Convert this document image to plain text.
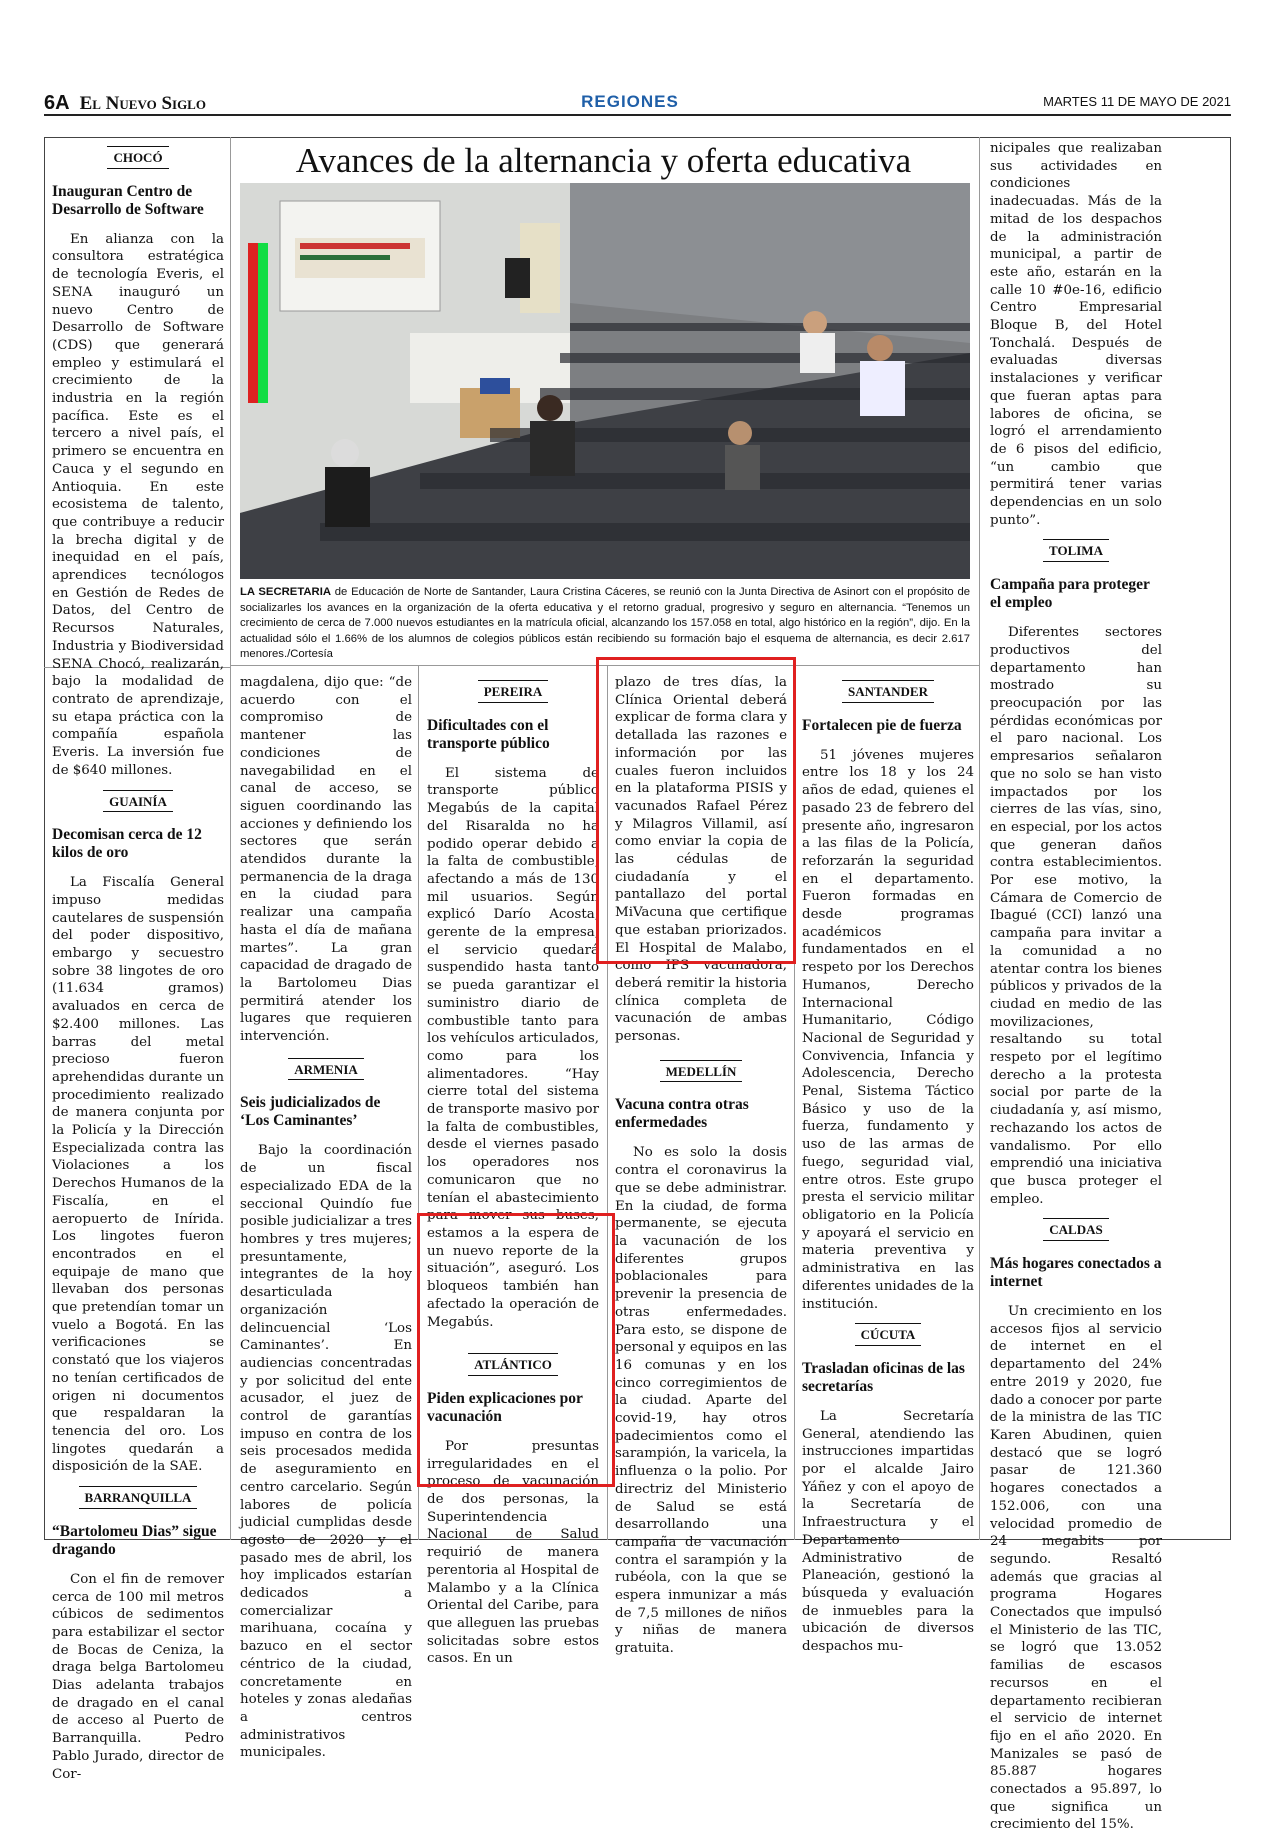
6A El Nuevo Siglo	REGIONES	MARTES 11 DE MAYO DE 2021
CHOCÓ
Inauguran Centro de Desarrollo de Software

En alianza con la consultora estratégica de tecnología Everis, el SENA inauguró un nuevo Centro de Desarrollo de Software (CDS) que generará empleo y estimulará el crecimiento de la industria en la región pacífica. Este es el tercero a nivel país, el primero se encuentra en Cauca y el segundo en Antioquia. En este ecosistema de talento, que contribuye a reducir la brecha digital y de inequidad en el país, aprendices tecnólogos en Gestión de Redes de Datos, del Centro de Recursos Naturales, Industria y Biodiversidad SENA Chocó, realizarán, bajo la modalidad de contrato de aprendizaje, su etapa práctica con la compañía española Everis. La inversión fue de $640 millones.

GUAINÍA
Decomisan cerca de 12 kilos de oro

La Fiscalía General impuso medidas cautelares de suspensión del poder dispositivo, embargo y secuestro sobre 38 lingotes de oro (11.634 gramos) avaluados en cerca de $2.400 millones. Las barras del metal precioso fueron aprehendidas durante un procedimiento realizado de manera conjunta por la Policía y la Dirección Especializada contra las Violaciones a los Derechos Humanos de la Fiscalía, en el aeropuerto de Inírida. Los lingotes fueron encontrados en el equipaje de mano que llevaban dos personas que pretendían tomar un vuelo a Bogotá. En las verificaciones se constató que los viajeros no tenían certificados de origen ni documentos que respaldaran la tenencia del oro. Los lingotes quedarán a disposición de la SAE.

BARRANQUILLA
“Bartolomeu Dias” sigue dragando

Con el fin de remover cerca de 100 mil metros cúbicos de sedimentos para estabilizar el sector de Bocas de Ceniza, la draga belga Bartolomeu Dias adelanta trabajos de dragado en el canal de acceso al Puerto de Barranquilla. Pedro Pablo Jurado, director de Cor-

Avances de la alternancia y oferta educativa
LA SECRETARIA de Educación de Norte de Santander, Laura Cristina Cáceres, se reunió con la Junta Directiva de Asinort con el propósito de socializarles los avances en la organización de la oferta educativa y el retorno gradual, progresivo y seguro en alternancia. “Tenemos un crecimiento de cerca de 7.000 nuevos estudiantes en la matrícula oficial, alcanzando los 157.058 en total, algo histórico en la región”, dijo. En la actualidad sólo el 1.66% de los alumnos de colegios públicos están recibiendo su formación bajo el esquema de alternancia, es decir 2.617 menores./Cortesía

magdalena, dijo que: “de acuerdo con el compromiso de mantener las condiciones de navegabilidad en el canal de acceso, se siguen coordinando las acciones y definiendo los sectores que serán atendidos durante la permanencia de la draga en la ciudad para realizar una campaña hasta el día de mañana martes”. La gran capacidad de dragado de la Bartolomeu Dias permitirá atender los lugares que requieren intervención.

ARMENIA
Seis judicializados de ‘Los Caminantes’

Bajo la coordinación de un fiscal especializado EDA de la seccional Quindío fue posible judicializar a tres hombres y tres mujeres; presuntamente, integrantes de la hoy desarticulada organización delincuencial ‘Los Caminantes’. En audiencias concentradas y por solicitud del ente acusador, el juez de control de garantías impuso en contra de los seis procesados medida de aseguramiento en centro carcelario. Según labores de policía judicial cumplidas desde agosto de 2020 y el pasado mes de abril, los hoy implicados estarían dedicados a comercializar marihuana, cocaína y bazuco en el sector céntrico de la ciudad, concretamente en hoteles y zonas aledañas a centros administrativos municipales.

PEREIRA
Dificultades con el transporte público

El sistema de transporte público Megabús de la capital del Risaralda no ha podido operar debido a la falta de combustible, afectando a más de 130 mil usuarios. Según explicó Darío Acosta, gerente de la empresa, el servicio quedará suspendido hasta tanto se pueda garantizar el suministro diario de combustible tanto para los vehículos articulados, como para los alimentadores. “Hay cierre total del sistema de transporte masivo por la falta de combustibles, desde el viernes pasado los operadores nos comunicaron que no tenían el abastecimiento para mover sus buses, estamos a la espera de un nuevo reporte de la situación”, aseguró. Los bloqueos también han afectado la operación de Megabús.

ATLÁNTICO
Piden explicaciones por vacunación

Por presuntas irregularidades en el proceso de vacunación de dos personas, la Superintendencia Nacional de Salud requirió de manera perentoria al Hospital de Malambo y a la Clínica Oriental del Caribe, para que alleguen las pruebas solicitadas sobre estos casos. En un

plazo de tres días, la Clínica Oriental deberá explicar de forma clara y detallada las razones e información por las cuales fueron incluidos en la plataforma PISIS y vacunados Rafael Pérez y Milagros Villamil, así como enviar la copia de las cédulas de ciudadanía y el pantallazo del portal MiVacuna que certifique que estaban priorizados. El Hospital de Malabo, como IPS vacunadora, deberá remitir la historia clínica completa de vacunación de ambas personas.

MEDELLÍN
Vacuna contra otras enfermedades

No es solo la dosis contra el coronavirus la que se debe administrar. En la ciudad, de forma permanente, se ejecuta la vacunación de los diferentes grupos poblacionales para prevenir la presencia de otras enfermedades. Para esto, se dispone de personal y equipos en las 16 comunas y en los cinco corregimientos de la ciudad. Aparte del covid-19, hay otros padecimientos como el sarampión, la varicela, la influenza o la polio. Por directriz del Ministerio de Salud se está desarrollando una campaña de vacunación contra el sarampión y la rubéola, con la que se espera inmunizar a más de 7,5 millones de niños y niñas de manera gratuita.

SANTANDER
Fortalecen pie de fuerza

51 jóvenes mujeres entre los 18 y los 24 años de edad, quienes el pasado 23 de febrero del presente año, ingresaron a las filas de la Policía, reforzarán la seguridad en el departamento. Fueron formadas en desde programas académicos fundamentados en el respeto por los Derechos Humanos, Derecho Internacional Humanitario, Código Nacional de Seguridad y Convivencia, Infancia y Adolescencia, Derecho Penal, Sistema Táctico Básico y uso de la fuerza, fundamento y uso de las armas de fuego, seguridad vial, entre otros. Este grupo presta el servicio militar obligatorio en la Policía y apoyará el servicio en materia preventiva y administrativa en las diferentes unidades de la institución.

CÚCUTA
Trasladan oficinas de las secretarías

La Secretaría General, atendiendo las instrucciones impartidas por el alcalde Jairo Yáñez y con el apoyo de la Secretaría de Infraestructura y el Departamento Administrativo de Planeación, gestionó la búsqueda y evaluación de inmuebles para la ubicación de diversos despachos mu-

nicipales que realizaban sus actividades en condiciones inadecuadas. Más de la mitad de los despachos de la administración municipal, a partir de este año, estarán en la calle 10 #0e-16, edificio Centro Empresarial Bloque B, del Hotel Tonchalá. Después de evaluadas diversas instalaciones y verificar que fueran aptas para labores de oficina, se logró el arrendamiento de 6 pisos del edificio, “un cambio que permitirá tener varias dependencias en un solo punto”.

TOLIMA
Campaña para proteger el empleo

Diferentes sectores productivos del departamento han mostrado su preocupación por las pérdidas económicas por el paro nacional. Los empresarios señalaron que no solo se han visto impactados por los cierres de las vías, sino, en especial, por los actos que generan daños contra establecimientos. Por ese motivo, la Cámara de Comercio de Ibagué (CCI) lanzó una campaña para invitar a la comunidad a no atentar contra los bienes públicos y privados de la ciudad en medio de las movilizaciones, resaltando su total respeto por el legítimo derecho a la protesta social por parte de la ciudadanía y, así mismo, rechazando los actos de vandalismo. Por ello emprendió una iniciativa que busca proteger el empleo.

CALDAS
Más hogares conectados a internet

Un crecimiento en los accesos fijos al servicio de internet en el departamento del 24% entre 2019 y 2020, fue dado a conocer por parte de la ministra de las TIC Karen Abudinen, quien destacó que se logró pasar de 121.360 hogares conectados a 152.006, con una velocidad promedio de 24 megabits por segundo. Resaltó además que gracias al programa Hogares Conectados que impulsó el Ministerio de las TIC, se logró que 13.052 familias de escasos recursos en el departamento recibieran el servicio de internet fijo en el año 2020. En Manizales se pasó de 85.887 hogares conectados a 95.897, lo que significa un crecimiento del 15%.
